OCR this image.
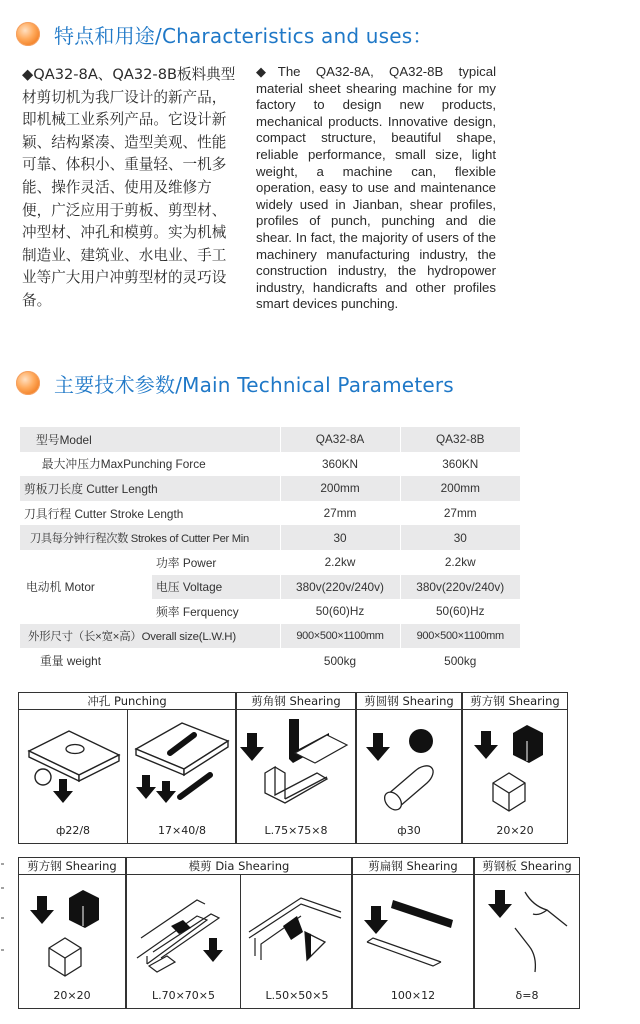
特点和用途/Characteristics and uses：
◆QA32-8A、QA32-8B板料典型材剪切机为我厂设计的新产品，即机械工业系列产品。它设计新颖、结构紧凑、造型美观、性能可靠、体积小、重量轻、一机多能、操作灵活、使用及维修方便，广泛应用于剪板、剪型材、冲型材、冲孔和模剪。实为机械制造业、建筑业、水电业、手工业等广大用户冲剪型材的灵巧设备。
◆The QA32-8A, QA32-8B typical material sheet shearing machine for my factory to design new products, mechanical products. Innovative design, compact structure, beautiful shape, reliable performance, small size, light weight, a machine can, flexible operation, easy to use and maintenance widely used in Jianban, shear profiles, profiles of punch, punching and die shear. In fact, the majority of users of the machinery manufacturing industry, the construction industry, the hydropower industry, handicrafts and other profiles smart devices punching.
主要技术参数/Main Technical Parameters
型号Model		QA32-8A	QA32-8B
　最大冲压力MaxPunching Force		360KN	360KN
剪板刀长度 Cutter Length		200mm	200mm
刀具行程 Cutter Stroke Length		27mm	27mm
刀具每分钟行程次数 Strokes of Cutter Per Min		30	30
电动机 Motor	功率 Power	2.2kw	2.2kw
	电压 Voltage	380v(220v/240v)	380v(220v/240v)
	频率 Ferquency	50(60)Hz	50(60)Hz
外形尺寸（长×宽×高）Overall size(L.W.H)		900×500×1100mm	900×500×1100mm
重量 weight		500kg	500kg
冲孔 Punching
ф22/8	17×40/8
剪角钢 Shearing
L.75×75×8
剪圆钢 Shearing
ф30
剪方钢 Shearing
20×20
剪方钢 Shearing
20×20
模剪 Dia Shearing
L.70×70×5	L.50×50×5
剪扁钢 Shearing
100×12
剪钢板 Shearing
δ=8
